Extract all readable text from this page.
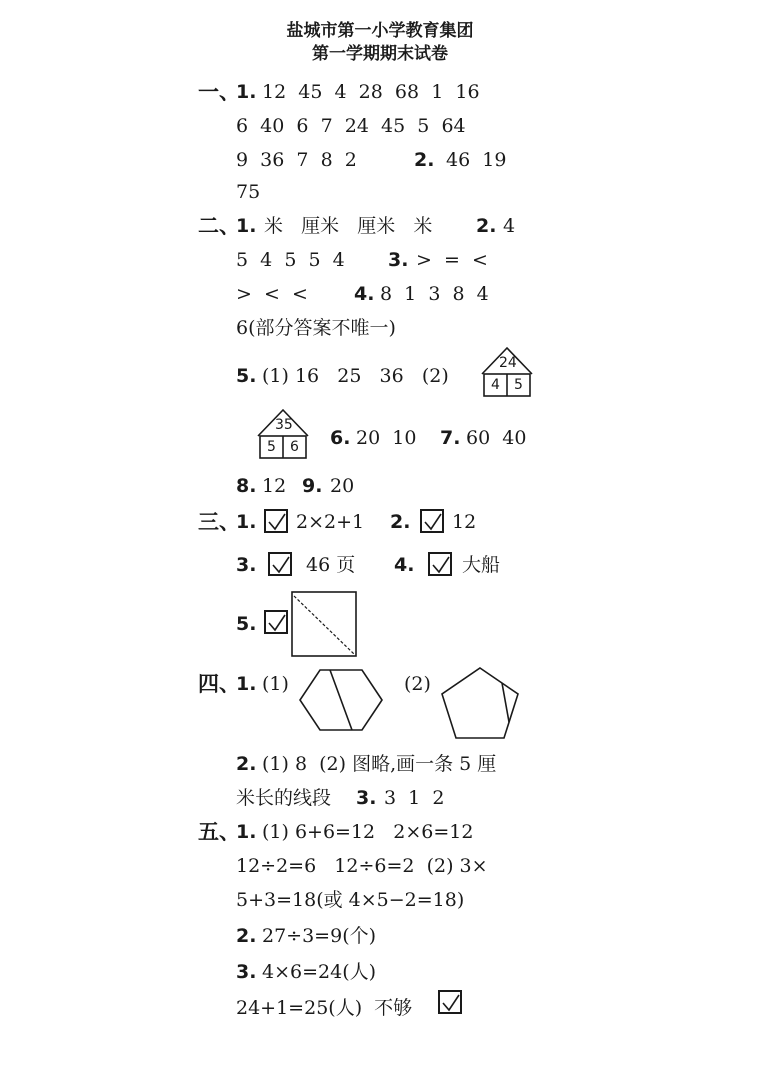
盐城市第一小学教育集团
第一学期期末试卷
一、
1. 12  45  4  28  68  1  16
6  40  6  7  24  45  5  64
9  36  7  8  2	2. 46  19
75
二、
1. 米   厘米   厘米   米 2. 4
5  4  5  5  4 3. >  =  <
>  <  < 4. 8  1  3  8  4
6(部分答案不唯一)
5. (1) 16   25   36   (2)
24
4 5
35
5 6 6. 20  10 7. 60  40
8. 12 9. 20
三、
1. 2×2+1 2. 12
3.	46 页 4.	大船
5.
四、
1. (1)	(2)
2. (1) 8  (2) 图略,画一条 5 厘
米长的线段 3. 3  1  2
五、
1. (1) 6+6=12   2×6=12
12÷2=6   12÷6=2  (2) 3×
5+3=18(或 4×5−2=18)
2. 27÷3=9(个)
3. 4×6=24(人)
24+1=25(人)  不够
